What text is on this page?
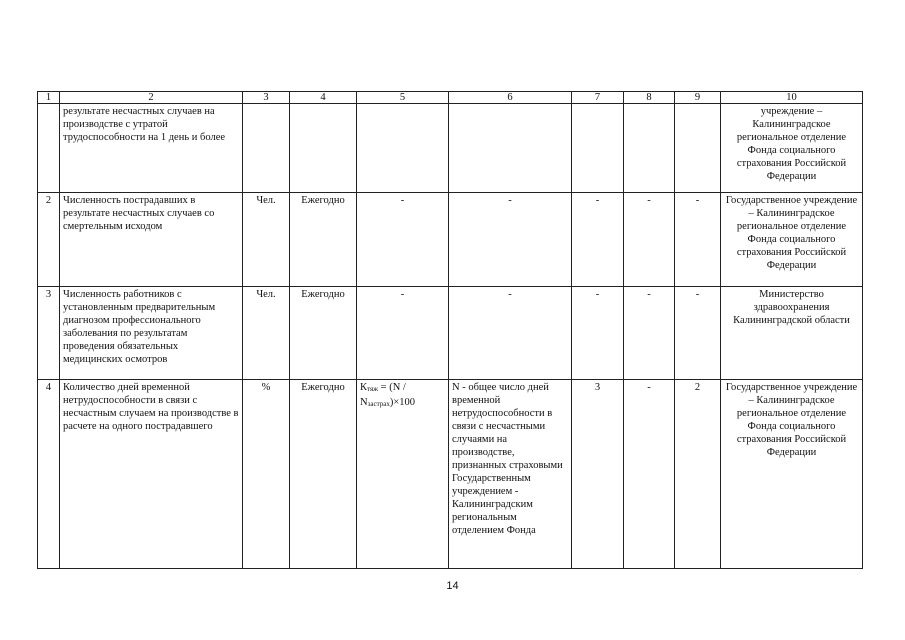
1	2	3	4	5	6	7	8	9	10
	результате несчастных случаев на производстве с утратой трудоспособности на 1 день и более								учреждение – Калининградское региональное отделение Фонда социального страхования Российской Федерации
2	Численность пострадавших в результате несчастных случаев со смертельным исходом	Чел.	Ежегодно	-	-	-	-	-	Государственное учреждение – Калининградское региональное отделение Фонда социального страхования Российской Федерации
3	Численность работников с установленным предварительным диагнозом профессионального заболевания по результатам проведения обязательных медицинских осмотров	Чел.	Ежегодно	-	-	-	-	-	Министерство здравоохранения Калининградской области
4	Количество дней временной нетрудоспособности в связи с несчастным случаем на производстве в расчете на одного пострадавшего	%	Ежегодно	Ктяж = (N /
Nзастрах)×100	N - общее число дней временной нетрудоспособности в связи с несчастными случаями на производстве, признанных страховыми Государственным учреждением - Калининградским региональным отделением Фонда	3	-	2	Государственное учреждение – Калининградское региональное отделение Фонда социального страхования Российской Федерации
14
